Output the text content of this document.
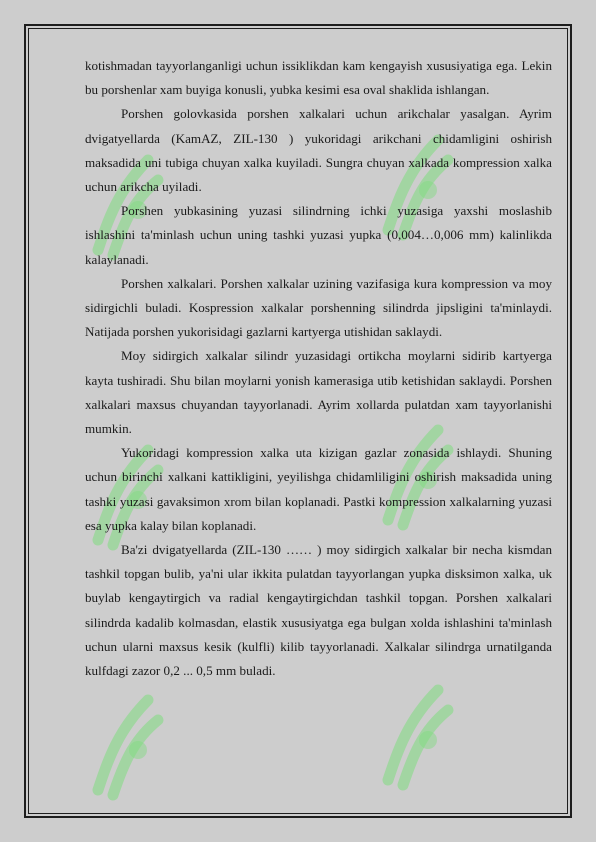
kotishmadan tayyorlanganligi uchun issiklikdan kam kengayish xususiyatiga ega. Lekin bu porshenlar xam buyiga konusli, yubka kesimi esa oval shaklida ishlangan.

Porshen golovkasida porshen xalkalari uchun arikchalar yasalgan. Ayrim dvigatyellarda (KamAZ, ZIL-130 ) yukoridagi arikchani chidamligini oshirish maksadida uni tubiga chuyan xalka kuyiladi. Sungra chuyan xalkada kompression xalka uchun arikcha uyiladi.

Porshen yubkasining yuzasi silindrning ichki yuzasiga yaxshi moslashib ishlashini ta'minlash uchun uning tashki yuzasi yupka (0,004…0,006 mm) kalinlikda kalaylanadi.

Porshen xalkalari. Porshen xalkalar uzining vazifasiga kura kompression va moy sidirgichli buladi. Kospression xalkalar porshenning silindrda jipsligini ta'minlaydi. Natijada porshen yukorisidagi gazlarni kartyerga utishidan saklaydi.

Moy sidirgich xalkalar silindr yuzasidagi ortikcha moylarni sidirib kartyerga kayta tushiradi. Shu bilan moylarni yonish kamerasiga utib ketishidan saklaydi. Porshen xalkalari maxsus chuyandan tayyorlanadi. Ayrim xollarda pulatdan xam tayyorlanishi mumkin.

Yukoridagi kompression xalka uta kizigan gazlar zonasida ishlaydi. Shuning uchun birinchi xalkani kattikligini, yeyilishga chidamliligini oshirish maksadida uning tashki yuzasi gavaksimon xrom bilan koplanadi. Pastki kompression xalkalarning yuzasi esa yupka kalay bilan koplanadi.

Ba'zi dvigatyellarda (ZIL-130 …… ) moy sidirgich xalkalar bir necha kismdan tashkil topgan bulib, ya'ni ular ikkita pulatdan tayyorlangan yupka disksimon xalka, uk buylab kengaytirgich va radial kengaytirgichdan tashkil topgan. Porshen xalkalari silindrda kadalib kolmasdan, elastik xususiyatga ega bulgan xolda ishlashini ta'minlash uchun ularni maxsus kesik (kulfli) kilib tayyorlanadi. Xalkalar silindrga urnatilganda kulfdagi zazor 0,2 ... 0,5 mm buladi.
